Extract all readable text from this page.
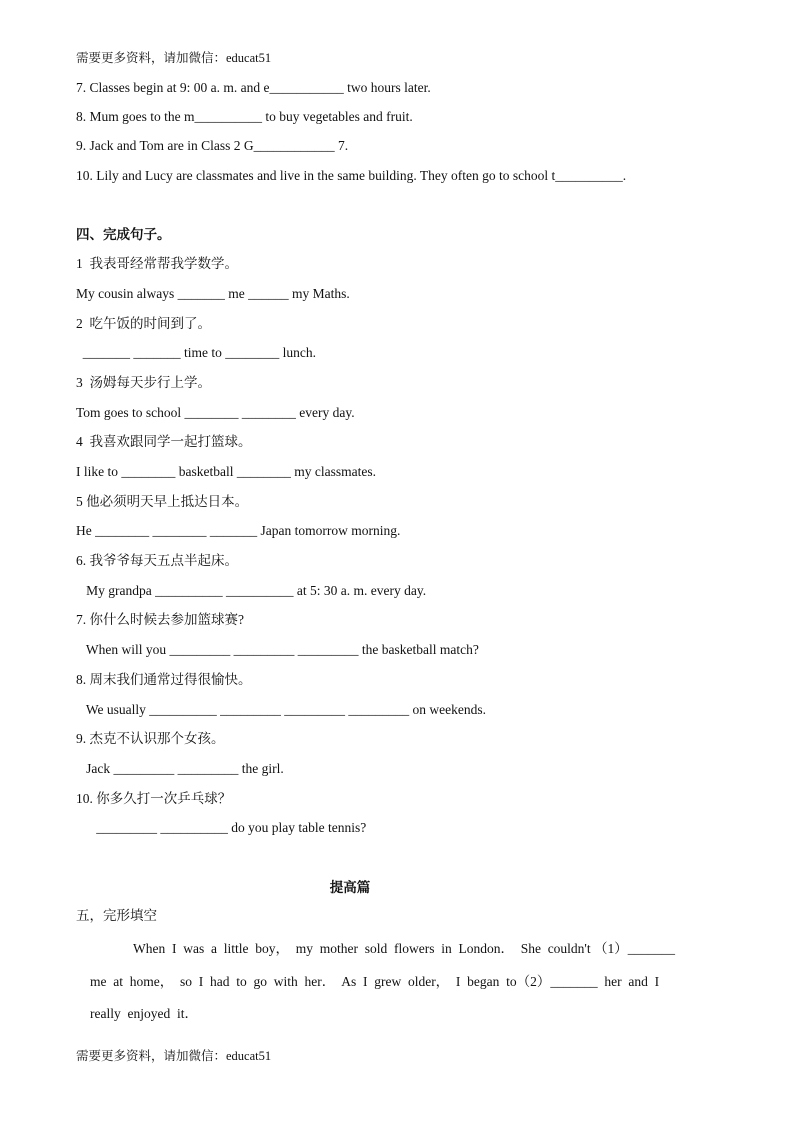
需要更多资料，请加微信：educat51
7. Classes begin at 9: 00 a. m. and e___________ two hours later.
8. Mum goes to the m__________ to buy vegetables and fruit.
9. Jack and Tom are in Class 2 G____________ 7.
10. Lily and Lucy are classmates and live in the same building. They often go to school t__________.
四、完成句子。
1  我表哥经常帮我学数学。
My cousin always _______ me ______ my Maths.
2  吃午饭的时间到了。
_______ _______ time to ________ lunch.
3  汤姆每天步行上学。
Tom goes to school ________ ________ every day.
4  我喜欢跟同学一起打篮球。
I like to ________ basketball ________ my classmates.
5 他必须明天早上抵达日本。
He ________ ________ _______ Japan tomorrow morning.
6. 我爷爷每天五点半起床。
My grandpa __________ __________ at 5: 30 a. m. every day.
7. 你什么时候去参加篮球赛?
When will you _________ _________ _________ the basketball match?
8. 周末我们通常过得很愉快。
We usually __________ _________ _________ _________ on weekends.
9. 杰克不认识那个女孩。
Jack _________ _________ the girl.
10. 你多久打一次乒乓球？
_________ __________ do you play table tennis?
提高篇
五，完形填空
When  I  was  a  little  boy，  my  mother  sold  flowers  in  London．  She  couldn't （1）_______
me  at  home，  so  I  had  to  go  with  her．  As  I  grew  older，  I  began  to（2）_______  her  and  I
really  enjoyed  it．
需要更多资料，请加微信：educat51
